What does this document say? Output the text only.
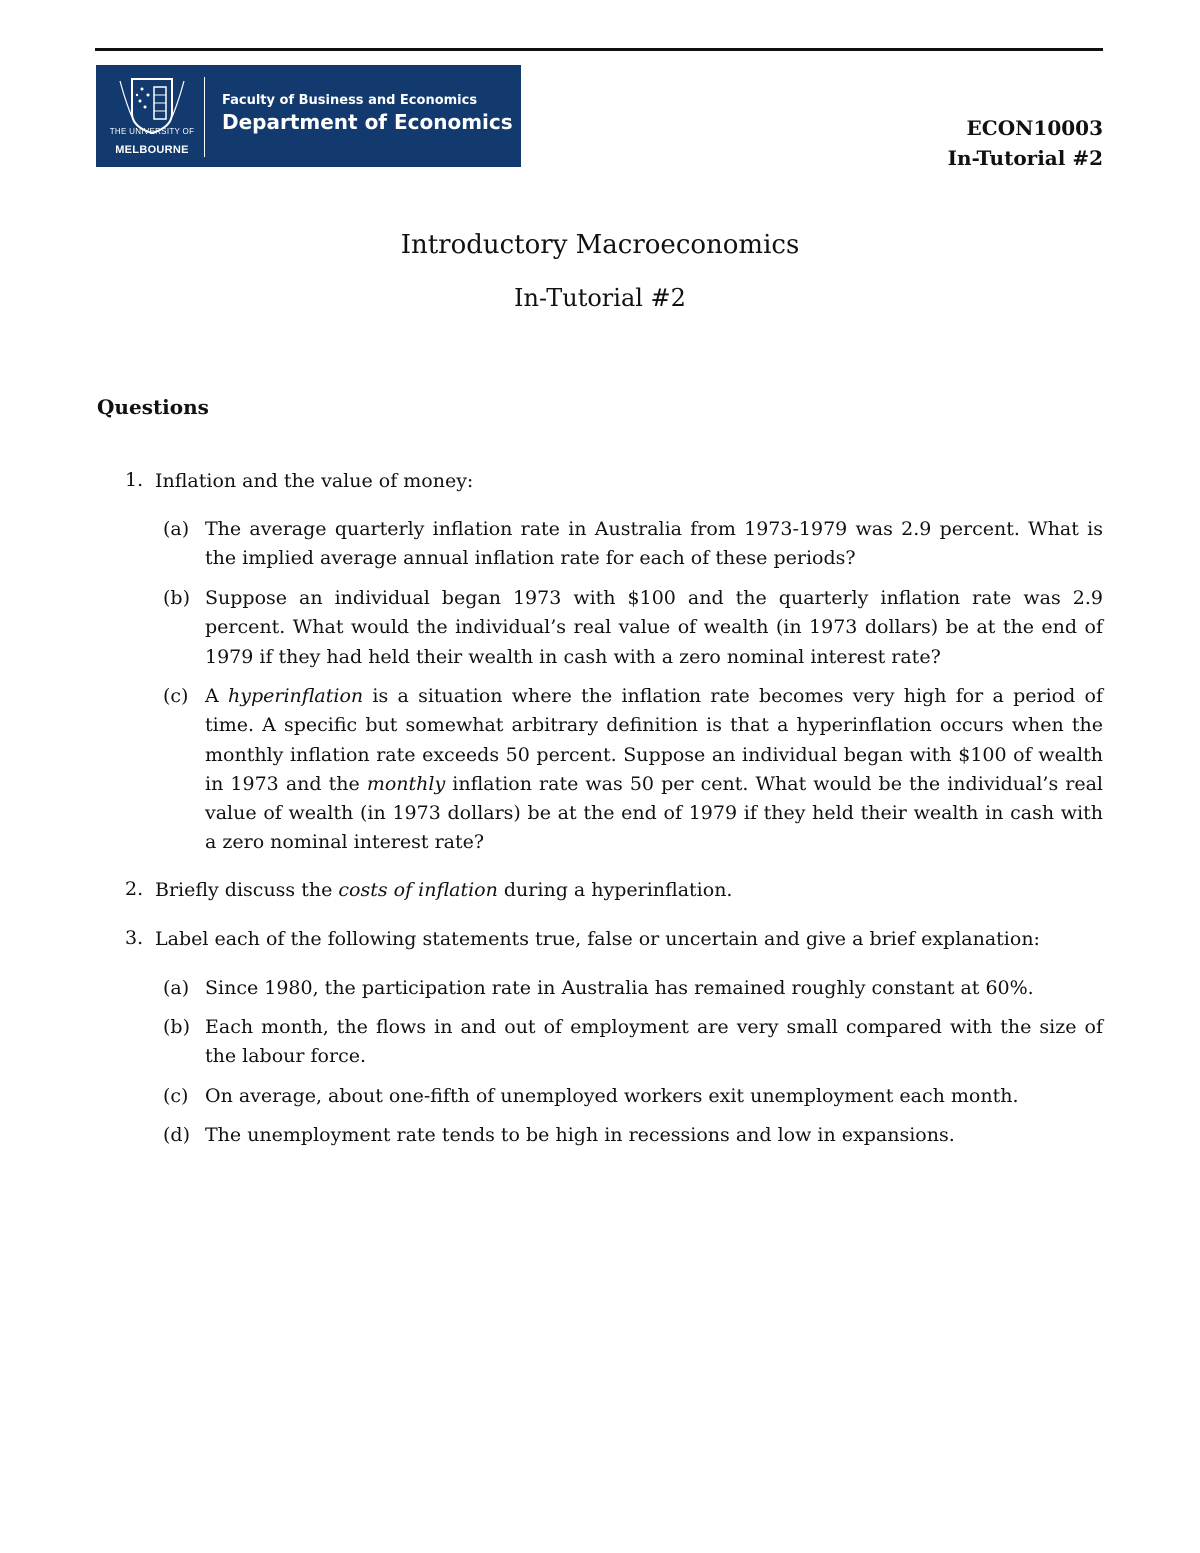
THE UNIVERSITY OF
MELBOURNE
Faculty of Business and Economics
Department of Economics	ECON10003
In-Tutorial #2
Introductory Macroeconomics
In-Tutorial #2
Questions
1. Inflation and the value of money:
(a) The average quarterly inflation rate in Australia from 1973-1979 was 2.9 percent. What is the implied average annual inflation rate for each of these periods?
(b) Suppose an individual began 1973 with $100 and the quarterly inflation rate was 2.9 percent. What would the individual’s real value of wealth (in 1973 dollars) be at the end of 1979 if they had held their wealth in cash with a zero nominal interest rate?
(c) A hyperinflation is a situation where the inflation rate becomes very high for a period of time. A specific but somewhat arbitrary definition is that a hyperinflation occurs when the monthly inflation rate exceeds 50 percent. Suppose an individual began with $100 of wealth in 1973 and the monthly inflation rate was 50 per cent. What would be the individual’s real value of wealth (in 1973 dollars) be at the end of 1979 if they held their wealth in cash with a zero nominal interest rate?
2. Briefly discuss the costs of inflation during a hyperinflation.
3. Label each of the following statements true, false or uncertain and give a brief explanation:
(a) Since 1980, the participation rate in Australia has remained roughly constant at 60%.
(b) Each month, the flows in and out of employment are very small compared with the size of the labour force.
(c) On average, about one-fifth of unemployed workers exit unemployment each month.
(d) The unemployment rate tends to be high in recessions and low in expansions.
